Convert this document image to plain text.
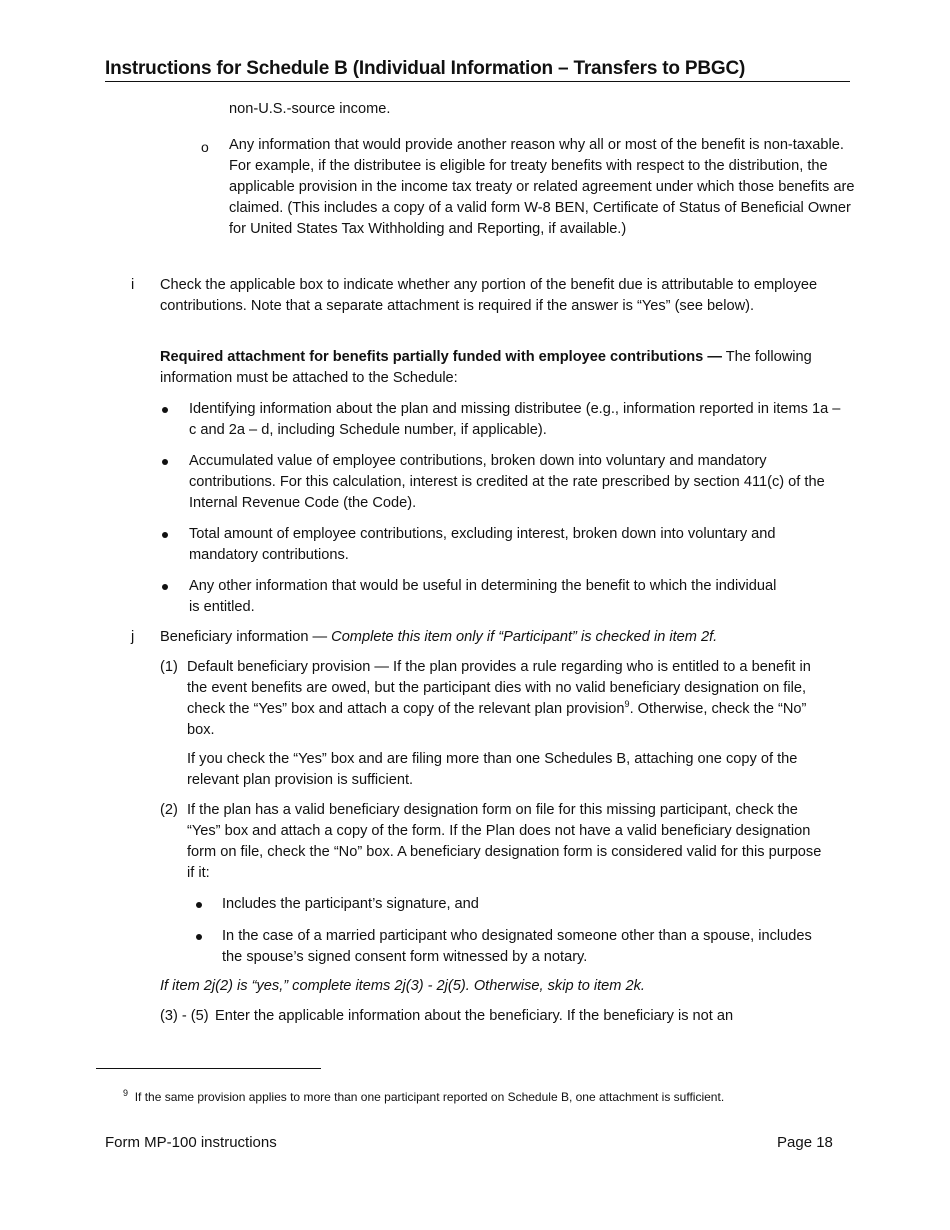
Instructions for Schedule B (Individual Information – Transfers to PBGC)

non-U.S.-source income.

o Any information that would provide another reason why all or most of the benefit is non-taxable. For example, if the distributee is eligible for treaty benefits with respect to the distribution, the applicable provision in the income tax treaty or related agreement under which those benefits are claimed. (This includes a copy of a valid form W-8 BEN, Certificate of Status of Beneficial Owner for United States Tax Withholding and Reporting, if available.)

i Check the applicable box to indicate whether any portion of the benefit due is attributable to employee contributions. Note that a separate attachment is required if the answer is “Yes” (see below).

Required attachment for benefits partially funded with employee contributions — The following information must be attached to the Schedule:

Identifying information about the plan and missing distributee (e.g., information reported in items 1a – c and 2a – d, including Schedule number, if applicable).

Accumulated value of employee contributions, broken down into voluntary and mandatory contributions. For this calculation, interest is credited at the rate prescribed by section 411(c) of the Internal Revenue Code (the Code).

Total amount of employee contributions, excluding interest, broken down into voluntary and mandatory contributions.

Any other information that would be useful in determining the benefit to which the individual is entitled.

j Beneficiary information — Complete this item only if “Participant” is checked in item 2f.

(1) Default beneficiary provision — If the plan provides a rule regarding who is entitled to a benefit in the event benefits are owed, but the participant dies with no valid beneficiary designation on file, check the “Yes” box and attach a copy of the relevant plan provision$^9$. Otherwise, check the “No” box.

If you check the “Yes” box and are filing more than one Schedules B, attaching one copy of the relevant plan provision is sufficient.

(2) If the plan has a valid beneficiary designation form on file for this missing participant, check the “Yes” box and attach a copy of the form. If the Plan does not have a valid beneficiary designation form on file, check the “No” box. A beneficiary designation form is considered valid for this purpose if it:

Includes the participant’s signature, and

In the case of a married participant who designated someone other than a spouse, includes the spouse’s signed consent form witnessed by a notary.

If item 2j(2) is “yes,” complete items 2j(3) - 2j(5). Otherwise, skip to item 2k.

(3) - (5) Enter the applicable information about the beneficiary. If the beneficiary is not an

$^9$ If the same provision applies to more than one participant reported on Schedule B, one attachment is sufficient.
Form MP-100 instructions	Page 18
